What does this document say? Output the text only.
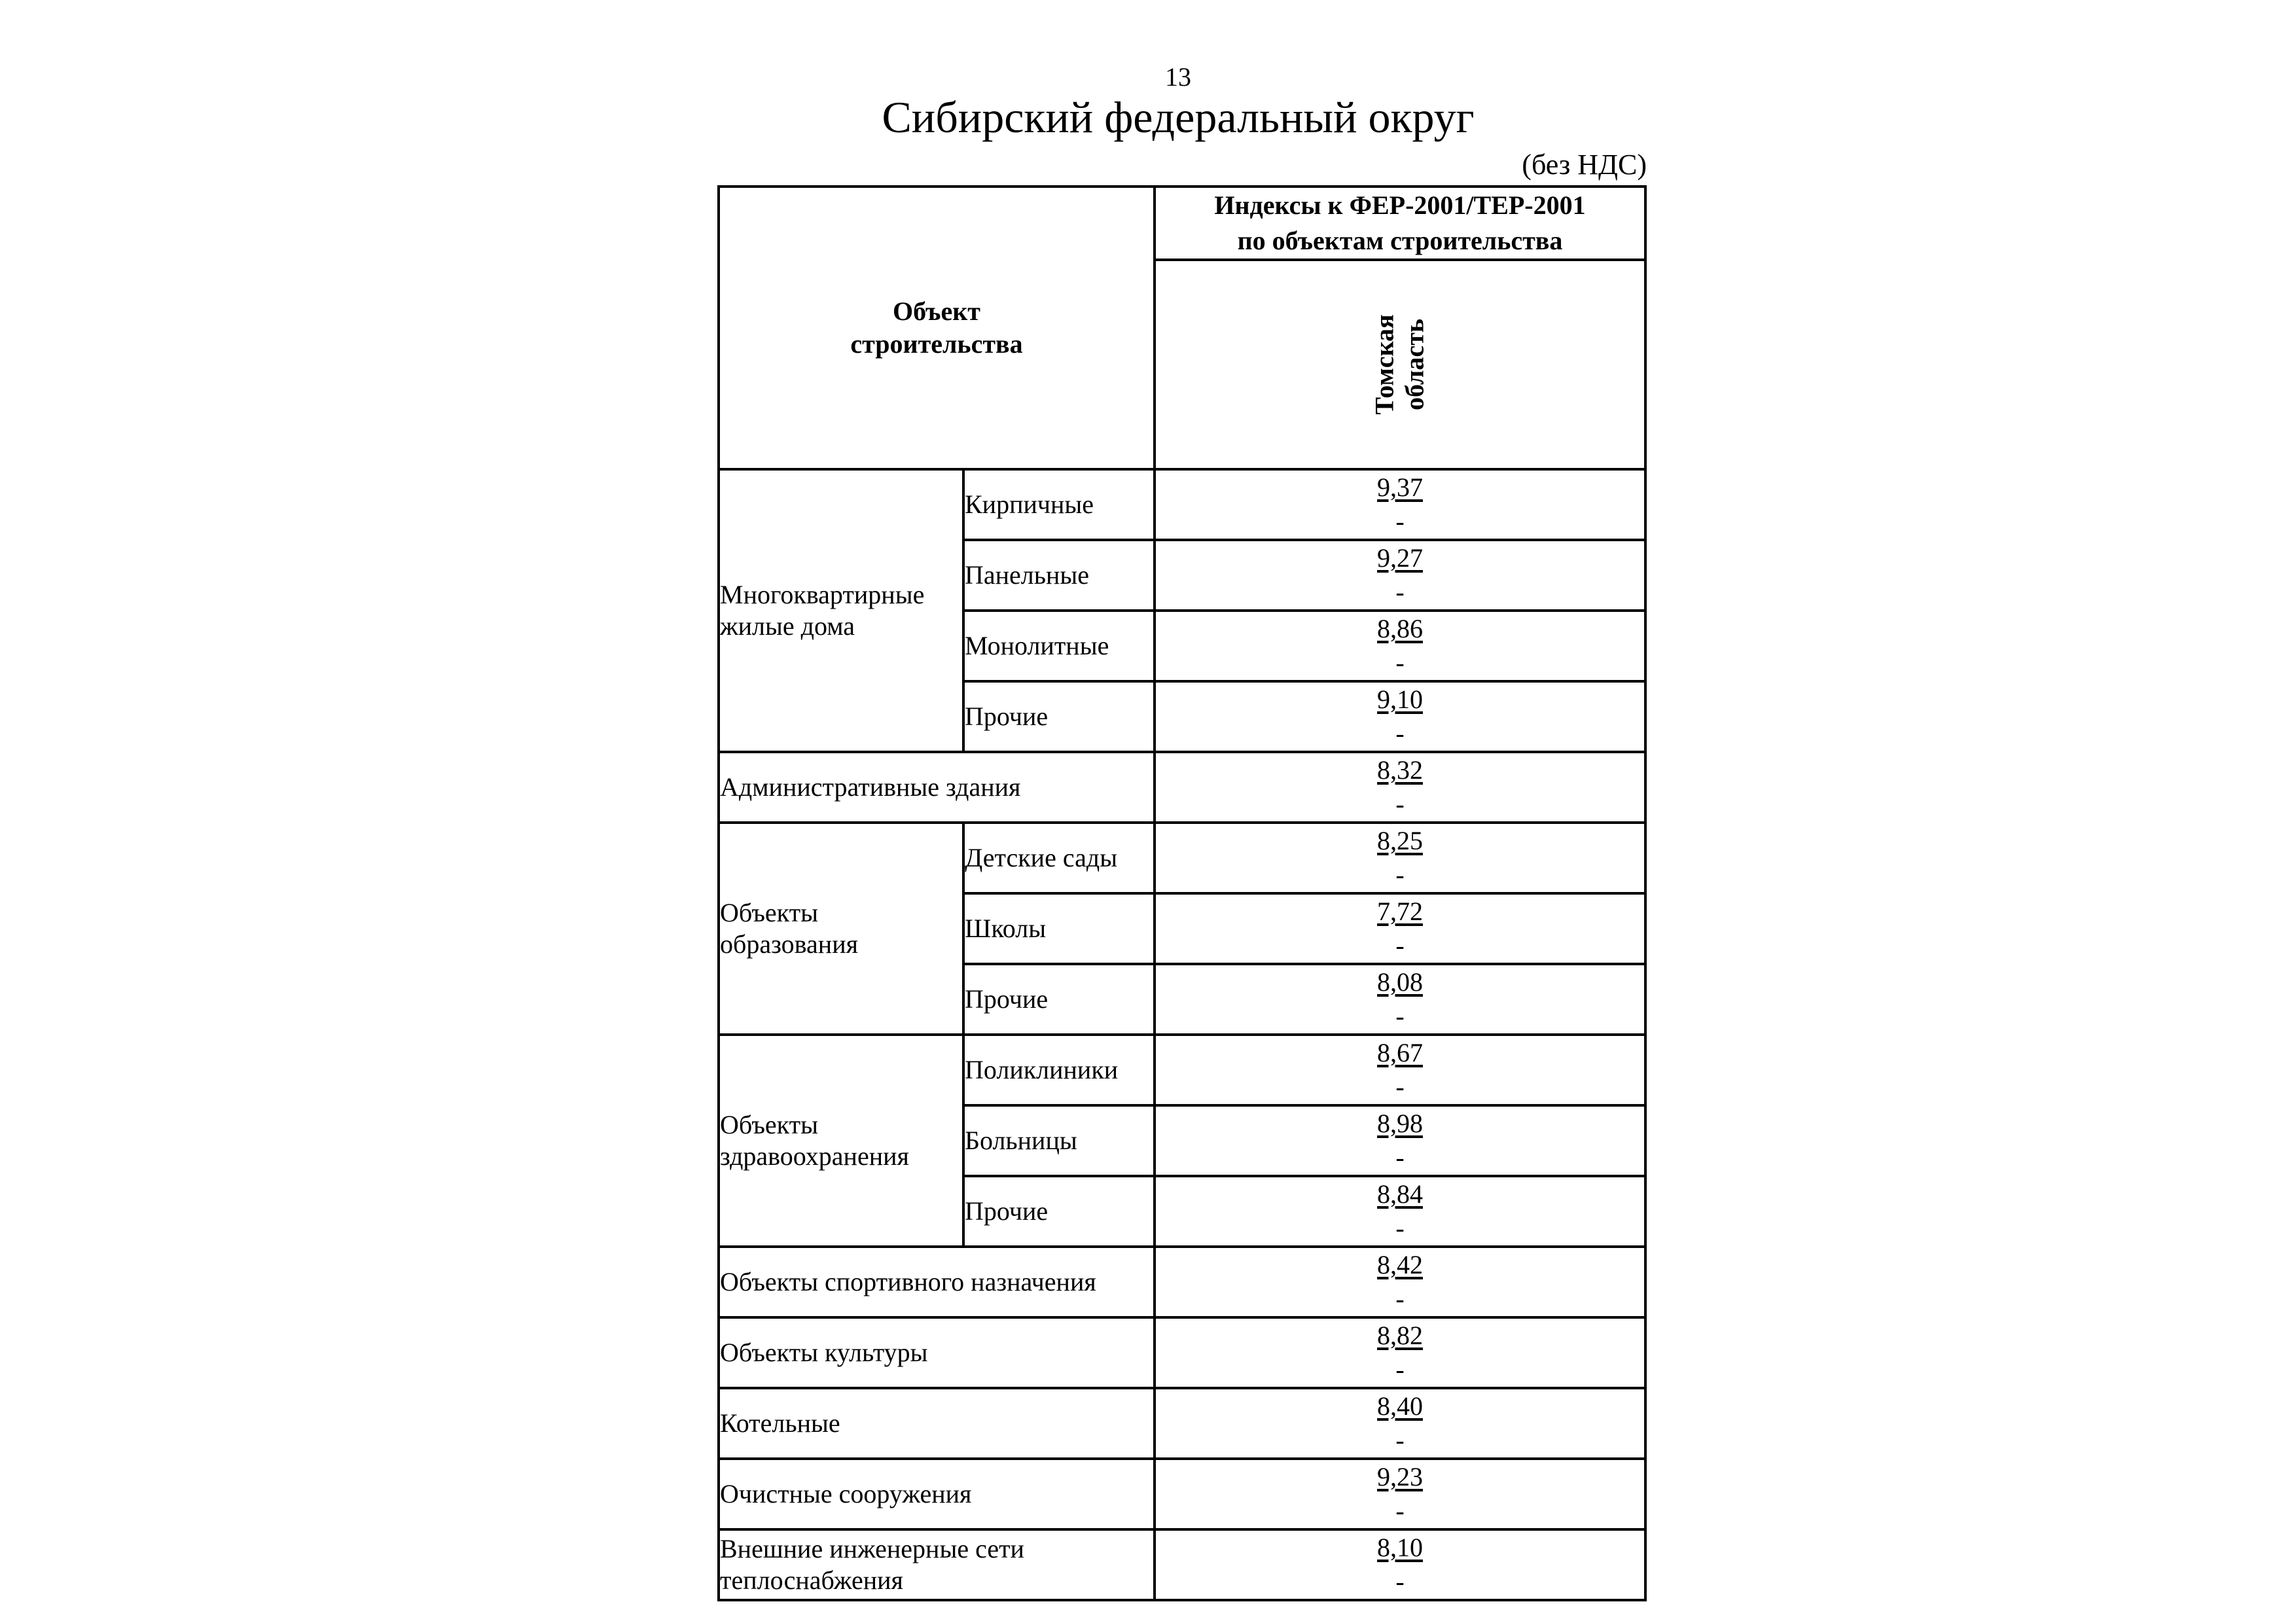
13
Сибирский федеральный округ
(без НДС)
Объект строительства		Индексы к ФЕР-2001/ТЕР-2001
по объектам строительства

		Томская область

Многоквартирные жилые дома	Кирпичные	9,37
-

	Панельные	9,27
-

	Монолитные	8,86
-

	Прочие	9,10
-

Административные здания		8,32
-

Объекты образования	Детские сады	8,25
-

	Школы	7,72
-

	Прочие	8,08
-

Объекты здравоохранения	Поликлиники	8,67
-

	Больницы	8,98
-

	Прочие	8,84
-

Объекты спортивного назначения		8,42
-

Объекты культуры		8,82
-

Котельные		8,40
-

Очистные сооружения		9,23
-

Внешние инженерные сети теплоснабжения		8,10
-
